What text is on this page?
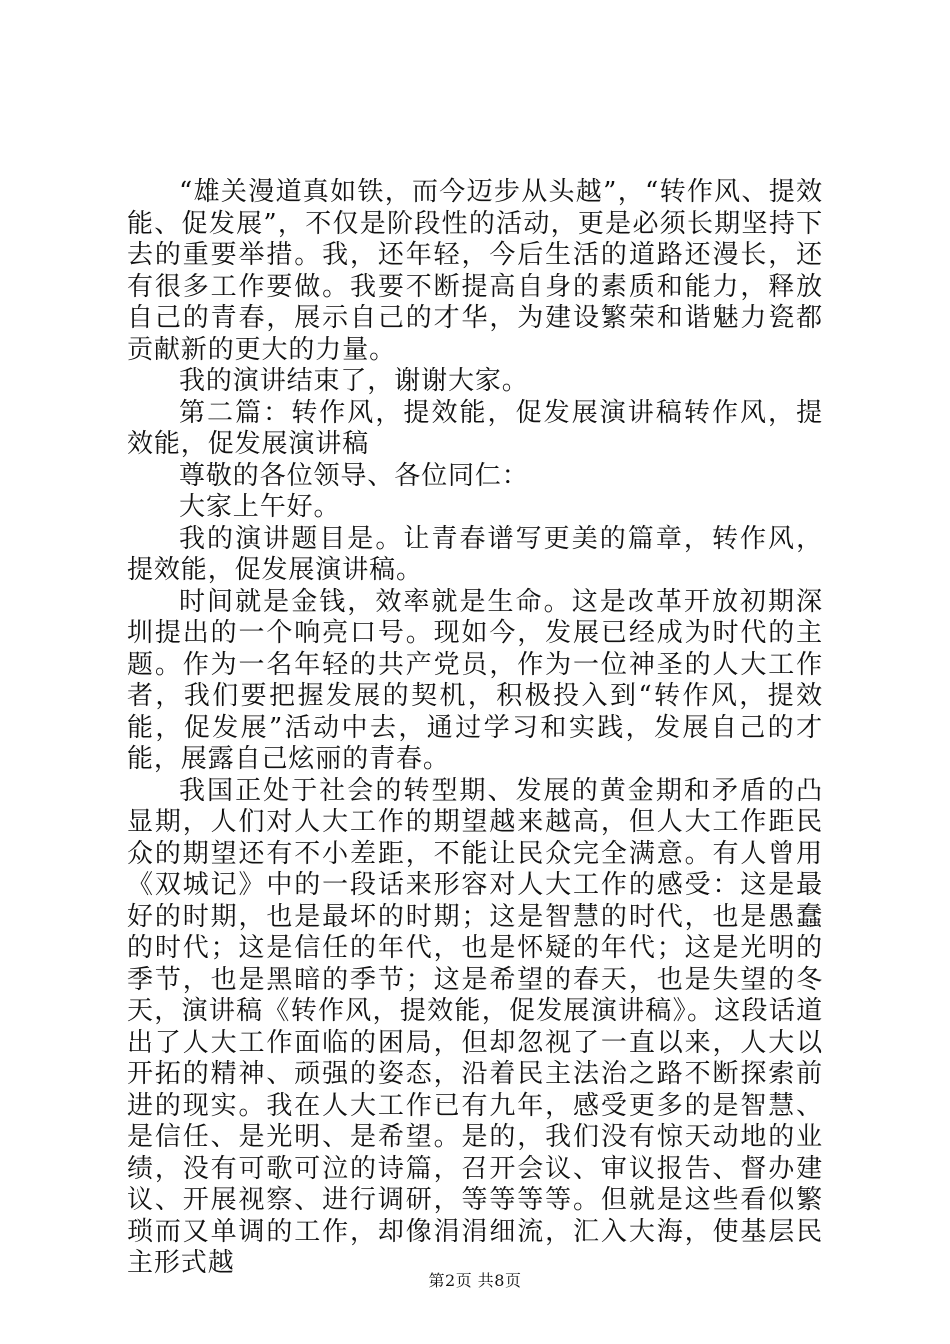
“雄关漫道真如铁，而今迈步从头越”，“转作风、提效能、促发展”，不仅是阶段性的活动，更是必须长期坚持下去的重要举措。我，还年轻，今后生活的道路还漫长，还有很多工作要做。我要不断提高自身的素质和能力，释放自己的青春，展示自己的才华，为建设繁荣和谐魅力瓷都贡献新的更大的力量。

我的演讲结束了，谢谢大家。

第二篇：转作风，提效能，促发展演讲稿转作风，提效能，促发展演讲稿

尊敬的各位领导、各位同仁：

大家上午好。

我的演讲题目是。让青春谱写更美的篇章，转作风，提效能，促发展演讲稿。

时间就是金钱，效率就是生命。这是改革开放初期深圳提出的一个响亮口号。现如今，发展已经成为时代的主题。作为一名年轻的共产党员，作为一位神圣的人大工作者，我们要把握发展的契机，积极投入到“转作风，提效能，促发展”活动中去，通过学习和实践，发展自己的才能，展露自己炫丽的青春。

我国正处于社会的转型期、发展的黄金期和矛盾的凸显期，人们对人大工作的期望越来越高，但人大工作距民众的期望还有不小差距，不能让民众完全满意。有人曾用《双城记》中的一段话来形容对人大工作的感受：这是最好的时期，也是最坏的时期；这是智慧的时代，也是愚蠢的时代；这是信任的年代，也是怀疑的年代；这是光明的季节，也是黑暗的季节；这是希望的春天，也是失望的冬天，演讲稿《转作风，提效能，促发展演讲稿》。这段话道出了人大工作面临的困局，但却忽视了一直以来，人大以开拓的精神、顽强的姿态，沿着民主法治之路不断探索前进的现实。我在人大工作已有九年，感受更多的是智慧、是信任、是光明、是希望。是的，我们没有惊天动地的业绩，没有可歌可泣的诗篇，召开会议、审议报告、督办建议、开展视察、进行调研，等等等等。但就是这些看似繁琐而又单调的工作，却像涓涓细流，汇入大海，使基层民主形式越

第2页 共8页
